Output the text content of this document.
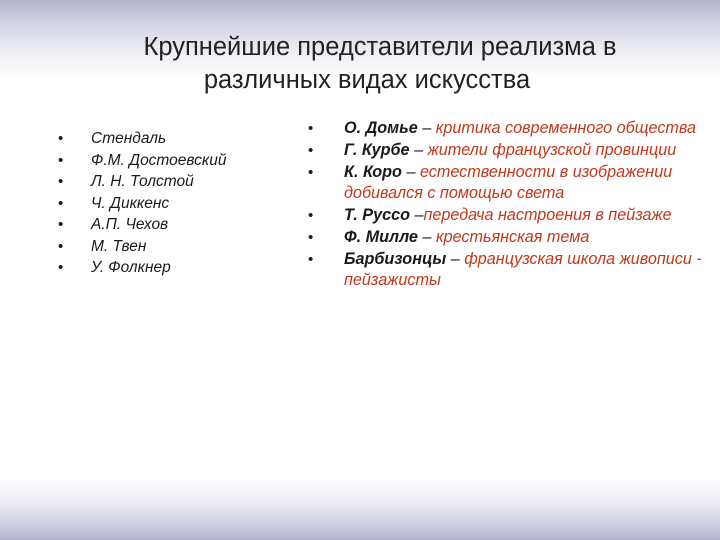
Крупнейшие представители реализма в
различных видах искусства
• Стендаль
• Ф.М. Достоевский
• Л. Н. Толстой
• Ч. Диккенс
• А.П. Чехов
• М. Твен
• У. Фолкнер
• О. Домье – критика современного общества
• Г. Курбе – жители французской провинции
• К. Коро – естественности в изображении добивался с помощью света
• Т. Руссо –передача настроения в пейзаже
• Ф. Милле – крестьянская тема
• Барбизонцы – французская школа живописи - пейзажисты
